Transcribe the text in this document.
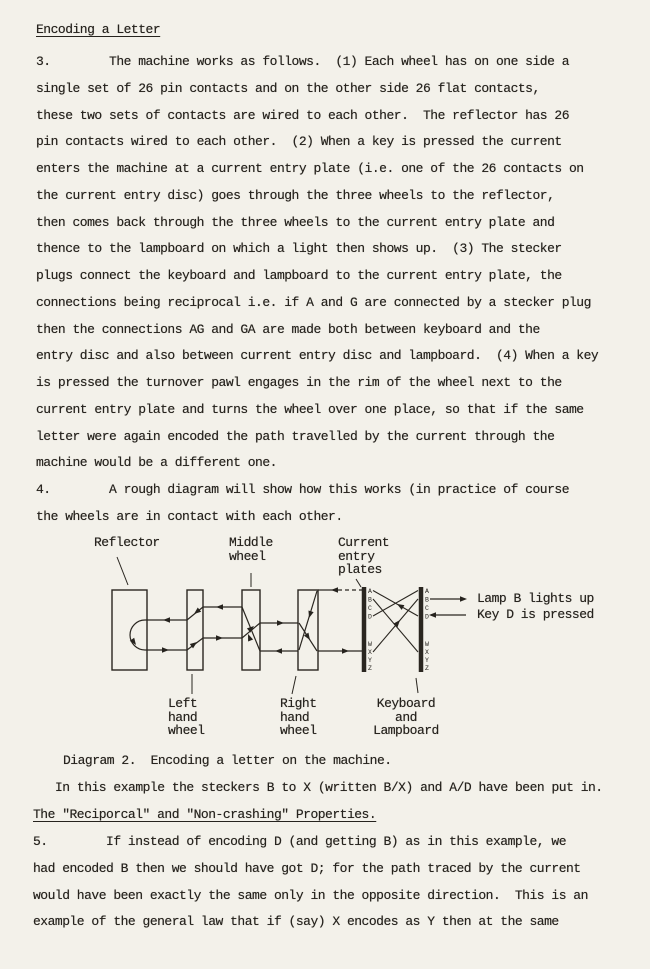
Encoding a Letter
3.        The machine works as follows.  (1) Each wheel has on one side a
single set of 26 pin contacts and on the other side 26 flat contacts,
these two sets of contacts are wired to each other.  The reflector has 26
pin contacts wired to each other.  (2) When a key is pressed the current
enters the machine at a current entry plate (i.e. one of the 26 contacts on
the current entry disc) goes through the three wheels to the reflector,
then comes back through the three wheels to the current entry plate and
thence to the lampboard on which a light then shows up.  (3) The stecker
plugs connect the keyboard and lampboard to the current entry plate, the
connections being reciprocal i.e. if A and G are connected by a stecker plug
then the connections AG and GA are made both between keyboard and the
entry disc and also between current entry disc and lampboard.  (4) When a key
is pressed the turnover pawl engages in the rim of the wheel next to the
current entry plate and turns the wheel over one place, so that if the same
letter were again encoded the path travelled by the current through the
machine would be a different one.
4.        A rough diagram will show how this works (in practice of course
the wheels are in contact with each other.
A
B
C
D
W
X
Y
Z
A
B
C
D
W
X
Y
Z
Reflector	Middle wheel
Current entry plates
Left hand wheel
Right hand wheel
Keyboard and Lampboard
Lamp B lights up
Key D is pressed
Diagram 2.  Encoding a letter on the machine.
In this example the steckers B to X (written B/X) and A/D have been put in.
The "Reciporcal" and "Non-crashing" Properties.
5.        If instead of encoding D (and getting B) as in this example, we
had encoded B then we should have got D; for the path traced by the current
would have been exactly the same only in the opposite direction.  This is an
example of the general law that if (say) X encodes as Y then at the same
